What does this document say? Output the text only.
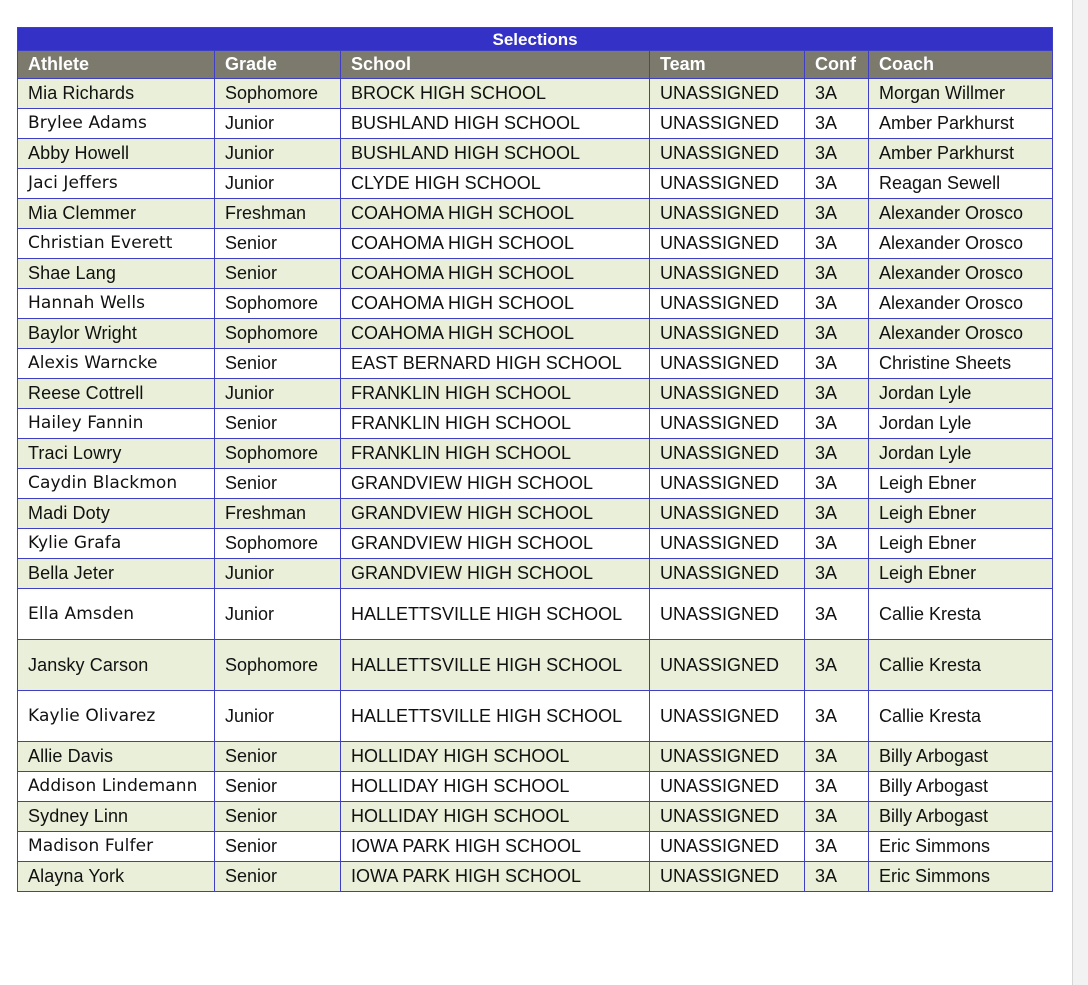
Selections					
Athlete	Grade	School	Team	Conf	Coach
Mia Richards	Sophomore	BROCK HIGH SCHOOL	UNASSIGNED	3A	Morgan Willmer
Brylee Adams	Junior	BUSHLAND HIGH SCHOOL	UNASSIGNED	3A	Amber Parkhurst
Abby Howell	Junior	BUSHLAND HIGH SCHOOL	UNASSIGNED	3A	Amber Parkhurst
Jaci Jeffers	Junior	CLYDE HIGH SCHOOL	UNASSIGNED	3A	Reagan Sewell
Mia Clemmer	Freshman	COAHOMA HIGH SCHOOL	UNASSIGNED	3A	Alexander Orosco
Christian Everett	Senior	COAHOMA HIGH SCHOOL	UNASSIGNED	3A	Alexander Orosco
Shae Lang	Senior	COAHOMA HIGH SCHOOL	UNASSIGNED	3A	Alexander Orosco
Hannah Wells	Sophomore	COAHOMA HIGH SCHOOL	UNASSIGNED	3A	Alexander Orosco
Baylor Wright	Sophomore	COAHOMA HIGH SCHOOL	UNASSIGNED	3A	Alexander Orosco
Alexis Warncke	Senior	EAST BERNARD HIGH SCHOOL	UNASSIGNED	3A	Christine Sheets
Reese Cottrell	Junior	FRANKLIN HIGH SCHOOL	UNASSIGNED	3A	Jordan Lyle
Hailey Fannin	Senior	FRANKLIN HIGH SCHOOL	UNASSIGNED	3A	Jordan Lyle
Traci Lowry	Sophomore	FRANKLIN HIGH SCHOOL	UNASSIGNED	3A	Jordan Lyle
Caydin Blackmon	Senior	GRANDVIEW HIGH SCHOOL	UNASSIGNED	3A	Leigh Ebner
Madi Doty	Freshman	GRANDVIEW HIGH SCHOOL	UNASSIGNED	3A	Leigh Ebner
Kylie Grafa	Sophomore	GRANDVIEW HIGH SCHOOL	UNASSIGNED	3A	Leigh Ebner
Bella Jeter	Junior	GRANDVIEW HIGH SCHOOL	UNASSIGNED	3A	Leigh Ebner
Ella Amsden	Junior	HALLETTSVILLE HIGH SCHOOL	UNASSIGNED	3A	Callie Kresta
Jansky Carson	Sophomore	HALLETTSVILLE HIGH SCHOOL	UNASSIGNED	3A	Callie Kresta
Kaylie Olivarez	Junior	HALLETTSVILLE HIGH SCHOOL	UNASSIGNED	3A	Callie Kresta
Allie Davis	Senior	HOLLIDAY HIGH SCHOOL	UNASSIGNED	3A	Billy Arbogast
Addison Lindemann	Senior	HOLLIDAY HIGH SCHOOL	UNASSIGNED	3A	Billy Arbogast
Sydney Linn	Senior	HOLLIDAY HIGH SCHOOL	UNASSIGNED	3A	Billy Arbogast
Madison Fulfer	Senior	IOWA PARK HIGH SCHOOL	UNASSIGNED	3A	Eric Simmons
Alayna York	Senior	IOWA PARK HIGH SCHOOL	UNASSIGNED	3A	Eric Simmons
